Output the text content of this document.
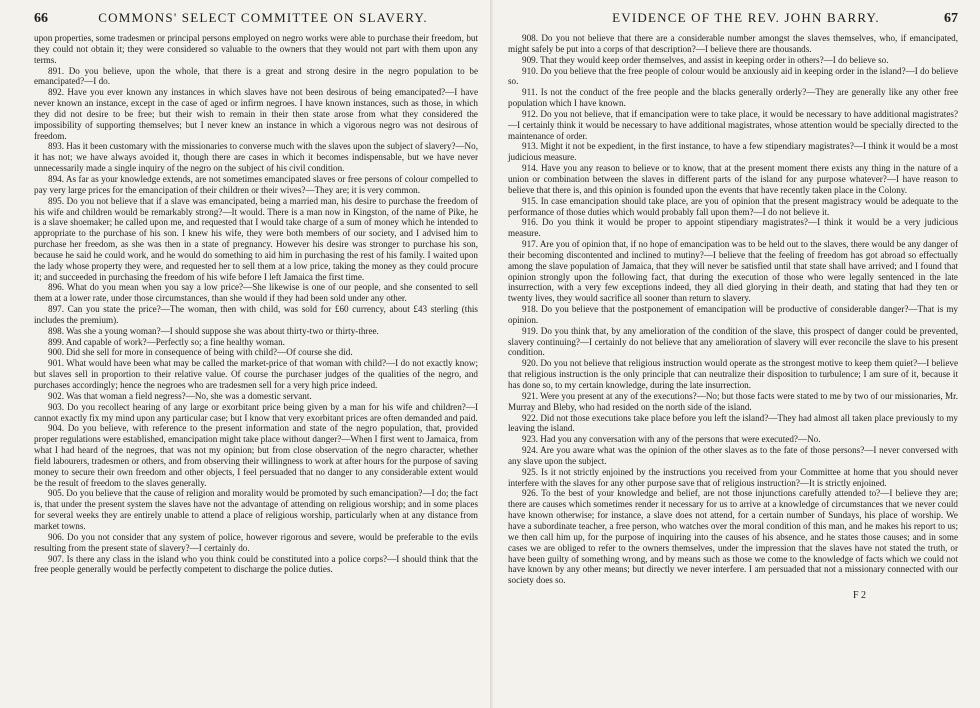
66	COMMONS' SELECT COMMITTEE ON SLAVERY.

upon properties, some tradesmen or principal persons employed on negro works were able to purchase their freedom, but they could not obtain it; they were considered so valuable to the owners that they would not part with them upon any terms.

891. Do you believe, upon the whole, that there is a great and strong desire in the negro population to be emancipated?—I do.

892. Have you ever known any instances in which slaves have not been desirous of being emancipated?—I have never known an instance, except in the case of aged or infirm negroes. I have known instances, such as those, in which they did not desire to be free; but their wish to remain in their then state arose from what they considered the impossibility of supporting themselves; but I never knew an instance in which a vigorous negro was not desirous of freedom.

893. Has it been customary with the missionaries to converse much with the slaves upon the subject of slavery?—No, it has not; we have always avoided it, though there are cases in which it becomes indispensable, but we have never unnecessarily made a single inquiry of the negro on the subject of his civil condition.

894. As far as your knowledge extends, are not sometimes emancipated slaves or free persons of colour compelled to pay very large prices for the emancipation of their children or their wives?—They are; it is very common.

895. Do you not believe that if a slave was emancipated, being a married man, his desire to purchase the freedom of his wife and children would be remarkably strong?—It would. There is a man now in Kingston, of the name of Pike, he is a slave shoemaker; he called upon me, and requested that I would take charge of a sum of money which he intended to appropriate to the purchase of his son. I knew his wife, they were both members of our society, and I advised him to purchase her freedom, as she was then in a state of pregnancy. However his desire was stronger to purchase his son, because he said he could work, and he would do something to aid him in purchasing the rest of his family. I waited upon the lady whose property they were, and requested her to sell them at a low price, taking the money as they could procure it; and succeeded in purchasing the freedom of his wife before I left Jamaica the first time.

896. What do you mean when you say a low price?—She likewise is one of our people, and she consented to sell them at a lower rate, under those circumstances, than she would if they had been sold under any other.

897. Can you state the price?—The woman, then with child, was sold for £60 currency, about £43 sterling (this includes the premium).

898. Was she a young woman?—I should suppose she was about thirty-two or thirty-three.

899. And capable of work?—Perfectly so; a fine healthy woman.

900. Did she sell for more in consequence of being with child?—Of course she did.

901. What would have been what may be called the market-price of that woman with child?—I do not exactly know; but slaves sell in proportion to their relative value. Of course the purchaser judges of the qualities of the negro, and purchases accordingly; hence the negroes who are tradesmen sell for a very high price indeed.

902. Was that woman a field negress?—No, she was a domestic servant.

903. Do you recollect hearing of any large or exorbitant price being given by a man for his wife and children?—I cannot exactly fix my mind upon any particular case; but I know that very exorbitant prices are often demanded and paid.

904. Do you believe, with reference to the present information and state of the negro population, that, provided proper regulations were established, emancipation might take place without danger?—When I first went to Jamaica, from what I had heard of the negroes, that was not my opinion; but from close observation of the negro character, whether field labourers, tradesmen or others, and from observing their willingness to work at after hours for the purpose of saving money to secure their own freedom and other objects, I feel persuaded that no danger to any considerable extent would be the result of freedom to the slaves generally.

905. Do you believe that the cause of religion and morality would be promoted by such emancipation?—I do; the fact is, that under the present system the slaves have not the advantage of attending on religious worship; and in some places for several weeks they are entirely unable to attend a place of religious worship, particularly when at any distance from market towns.

906. Do you not consider that any system of police, however rigorous and severe, would be preferable to the evils resulting from the present state of slavery?—I certainly do.

907. Is there any class in the island who you think could be constituted into a police corps?—I should think that the free people generally would be perfectly competent to discharge the police duties.

EVIDENCE OF THE REV. JOHN BARRY.	67

908. Do you not believe that there are a considerable number amongst the slaves themselves, who, if emancipated, might safely be put into a corps of that description?—I believe there are thousands.

909. That they would keep order themselves, and assist in keeping order in others?—I do believe so.

910. Do you believe that the free people of colour would be anxiously aid in keeping order in the island?—I do believe so.

911. Is not the conduct of the free people and the blacks generally orderly?—They are generally like any other free population which I have known.

912. Do you not believe, that if emancipation were to take place, it would be necessary to have additional magistrates?—I certainly think it would be necessary to have additional magistrates, whose attention would be specially directed to the maintenance of order.

913. Might it not be expedient, in the first instance, to have a few stipendiary magistrates?—I think it would be a most judicious measure.

914. Have you any reason to believe or to know, that at the present moment there exists any thing in the nature of a union or combination between the slaves in different parts of the island for any purpose whatever?—I have reason to believe that there is, and this opinion is founded upon the events that have recently taken place in the Colony.

915. In case emancipation should take place, are you of opinion that the present magistracy would be adequate to the performance of those duties which would probably fall upon them?—I do not believe it.

916. Do you think it would be proper to appoint stipendiary magistrates?—I think it would be a very judicious measure.

917. Are you of opinion that, if no hope of emancipation was to be held out to the slaves, there would be any danger of their becoming discontented and inclined to mutiny?—I believe that the feeling of freedom has got abroad so effectually among the slave population of Jamaica, that they will never be satisfied until that state shall have arrived; and I found that opinion strongly upon the following fact, that during the execution of those who were legally sentenced in the late insurrection, with a very few exceptions indeed, they all died glorying in their death, and stating that had they ten or twenty lives, they would sacrifice all sooner than return to slavery.

918. Do you believe that the postponement of emancipation will be productive of considerable danger?—That is my opinion.

919. Do you think that, by any amelioration of the condition of the slave, this prospect of danger could be prevented, slavery continuing?—I certainly do not believe that any amelioration of slavery will ever reconcile the slave to his present condition.

920. Do you not believe that religious instruction would operate as the strongest motive to keep them quiet?—I believe that religious instruction is the only principle that can neutralize their disposition to turbulence; I am sure of it, because it has done so, to my certain knowledge, during the late insurrection.

921. Were you present at any of the executions?—No; but those facts were stated to me by two of our missionaries, Mr. Murray and Bleby, who had resided on the north side of the island.

922. Did not those executions take place before you left the island?—They had almost all taken place previously to my leaving the island.

923. Had you any conversation with any of the persons that were executed?—No.

924. Are you aware what was the opinion of the other slaves as to the fate of those persons?—I never conversed with any slave upon the subject.

925. Is it not strictly enjoined by the instructions you received from your Committee at home that you should never interfere with the slaves for any other purpose save that of religious instruction?—It is strictly enjoined.

926. To the best of your knowledge and belief, are not those injunctions carefully attended to?—I believe they are; there are causes which sometimes render it necessary for us to arrive at a knowledge of circumstances that we never could have known otherwise; for instance, a slave does not attend, for a certain number of Sundays, his place of worship. We have a subordinate teacher, a free person, who watches over the moral condition of this man, and he makes his report to us; we then call him up, for the purpose of inquiring into the causes of his absence, and he states those causes; and in some cases we are obliged to refer to the owners themselves, under the impression that the slaves have not stated the truth, or have been guilty of something wrong, and by means such as those we come to the knowledge of facts which we could not have known by any other means; but directly we never interfere. I am persuaded that not a missionary connected with our society does so.

F 2
